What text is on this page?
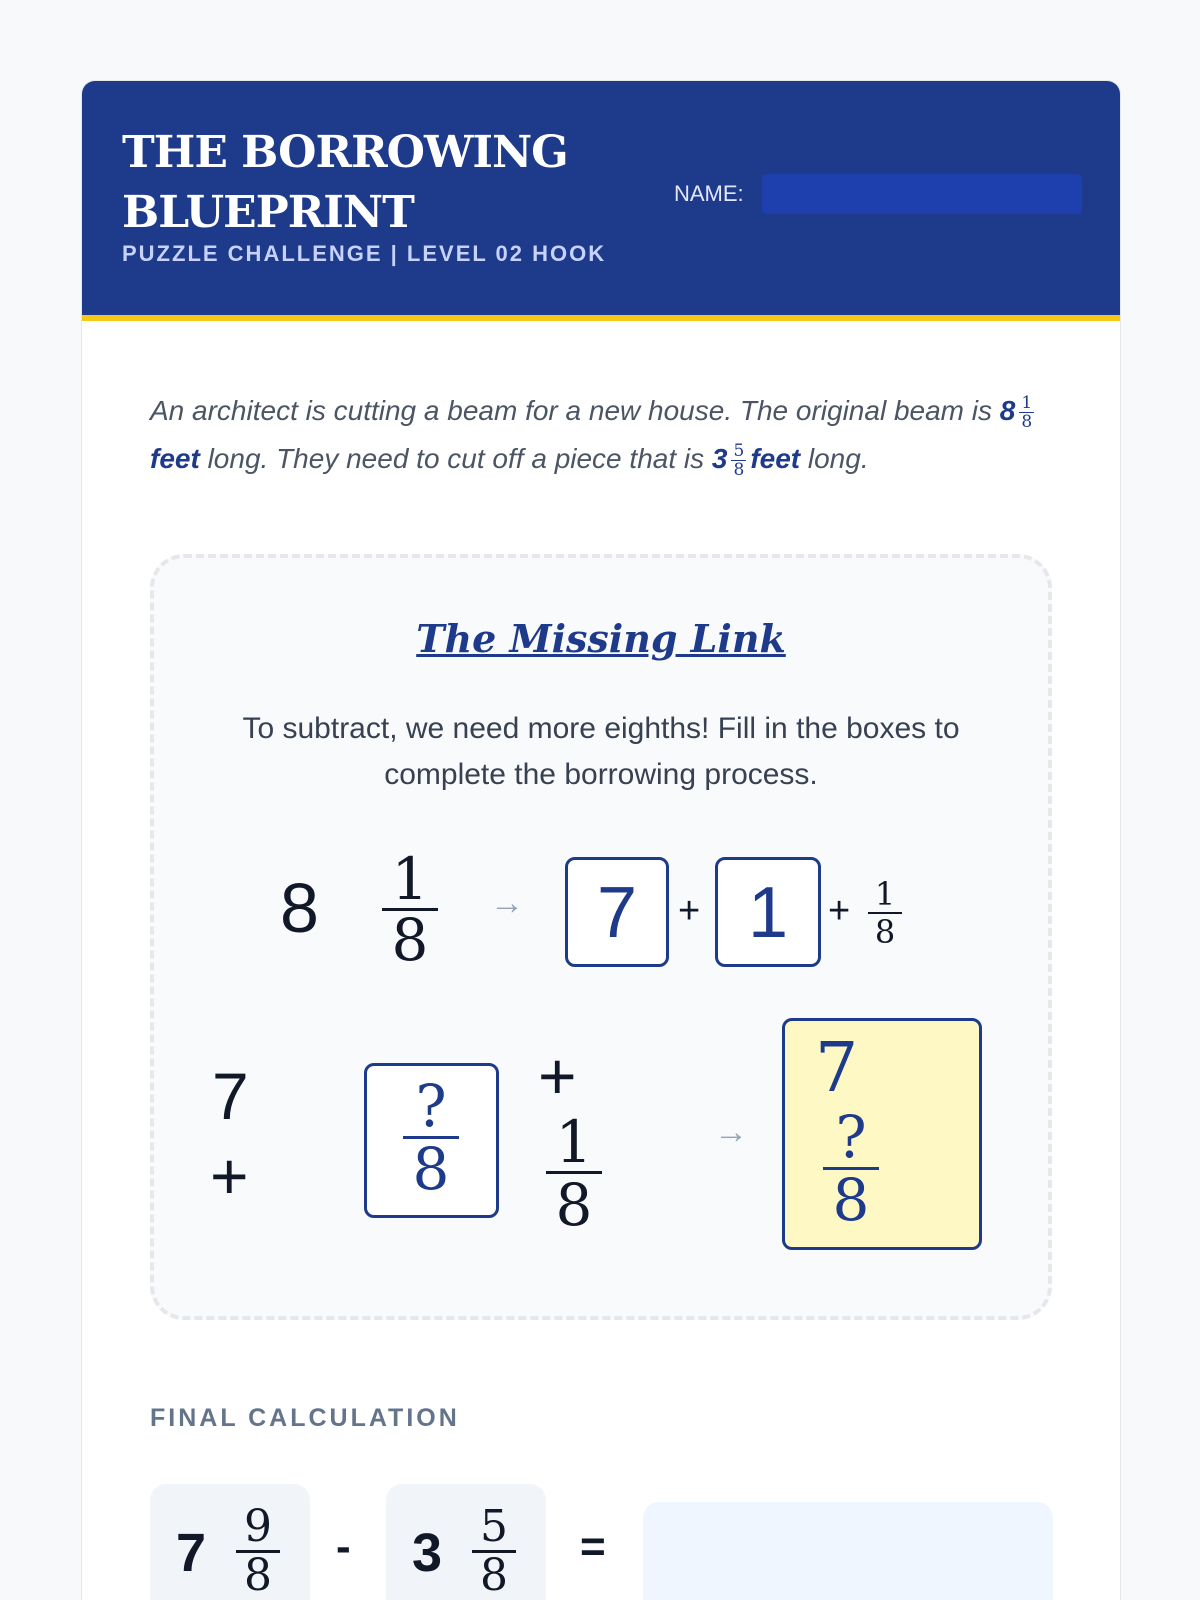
THE BORROWING BLUEPRINT
PUZZLE CHALLENGE | LEVEL 02 HOOK
NAME:
An architect is cutting a beam for a new house. The original beam is $8 \frac{1}{8}$
feet long. They need to cut off a piece that is $3 \frac{5}{8}$ feet long.
The Missing Link
To subtract, we need more eighths! Fill in the boxes to complete the borrowing process.
$8 \frac{1}{8}$ →	7	+ 1	+ $\frac{1}{8}$
7
+
?
8
+
$\frac{1}{8}$	→
7
?
8
FINAL CALCULATION
$7 \frac{9}{8} - 3 \frac{5}{8}$ =
